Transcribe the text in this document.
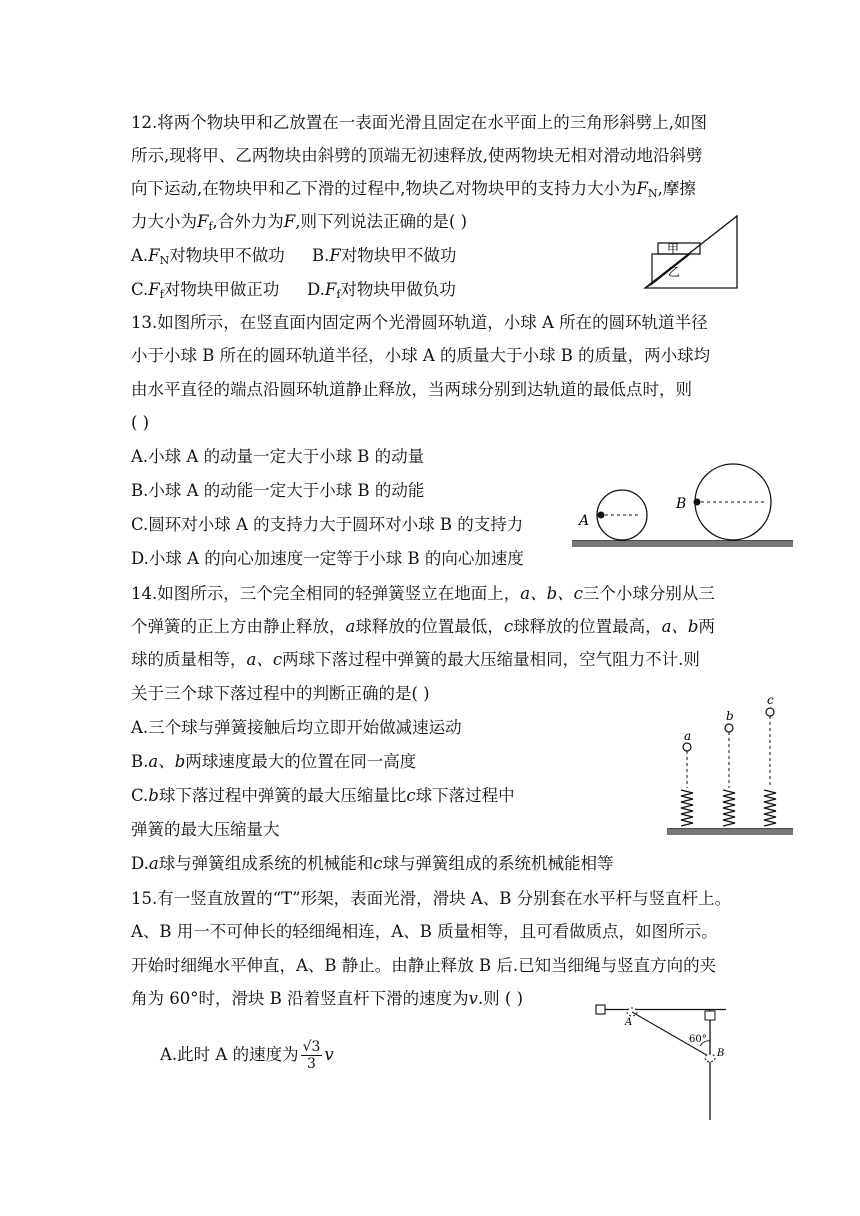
12.将两个物块甲和乙放置在一表面光滑且固定在水平面上的三角形斜劈上,如图
所示,现将甲、乙两物块由斜劈的顶端无初速释放,使两物块无相对滑动地沿斜劈
向下运动,在物块甲和乙下滑的过程中,物块乙对物块甲的支持力大小为$F_N$,摩擦
力大小为$F_f$,合外力为F,则下列说法正确的是( )
$A.F_N$对物块甲不做功 B.F对物块甲不做功
$C.F_f$对物块甲做正功 $D.F_f$对物块甲做负功
甲
乙
13.如图所示，在竖直面内固定两个光滑圆环轨道，小球 A 所在的圆环轨道半径
小于小球 B 所在的圆环轨道半径，小球 A 的质量大于小球 B 的质量，两小球均
由水平直径的端点沿圆环轨道静止释放，当两球分别到达轨道的最低点时，则
( )
A.小球 A 的动量一定大于小球 B 的动量
B.小球 A 的动能一定大于小球 B 的动能
C.圆环对小球 A 的支持力大于圆环对小球 B 的支持力
D.小球 A 的向心加速度一定等于小球 B 的向心加速度
A
B
14.如图所示，三个完全相同的轻弹簧竖立在地面上，a、b、c三个小球分别从三
个弹簧的正上方由静止释放，a球释放的位置最低，c球释放的位置最高，a、b两
球的质量相等，a、c两球下落过程中弹簧的最大压缩量相同，空气阻力不计.则
关于三个球下落过程中的判断正确的是( )
A.三个球与弹簧接触后均立即开始做减速运动
B.a、b两球速度最大的位置在同一高度
C.b球下落过程中弹簧的最大压缩量比c球下落过程中
弹簧的最大压缩量大
D.a球与弹簧组成系统的机械能和c球与弹簧组成的系统机械能相等
a
b
c
15.有一竖直放置的“T”形架，表面光滑，滑块 A、B 分别套在水平杆与竖直杆上。
A、B 用一不可伸长的轻细绳相连，A、B 质量相等，且可看做质点，如图所示。
开始时细绳水平伸直，A、B 静止。由静止释放 B 后.已知当细绳与竖直方向的夹
角为 60°时，滑块 B 沿着竖直杆下滑的速度为v.则 ( )
A.此时 A 的速度为 $\frac{√3}{3}$ v
A
B
60°
